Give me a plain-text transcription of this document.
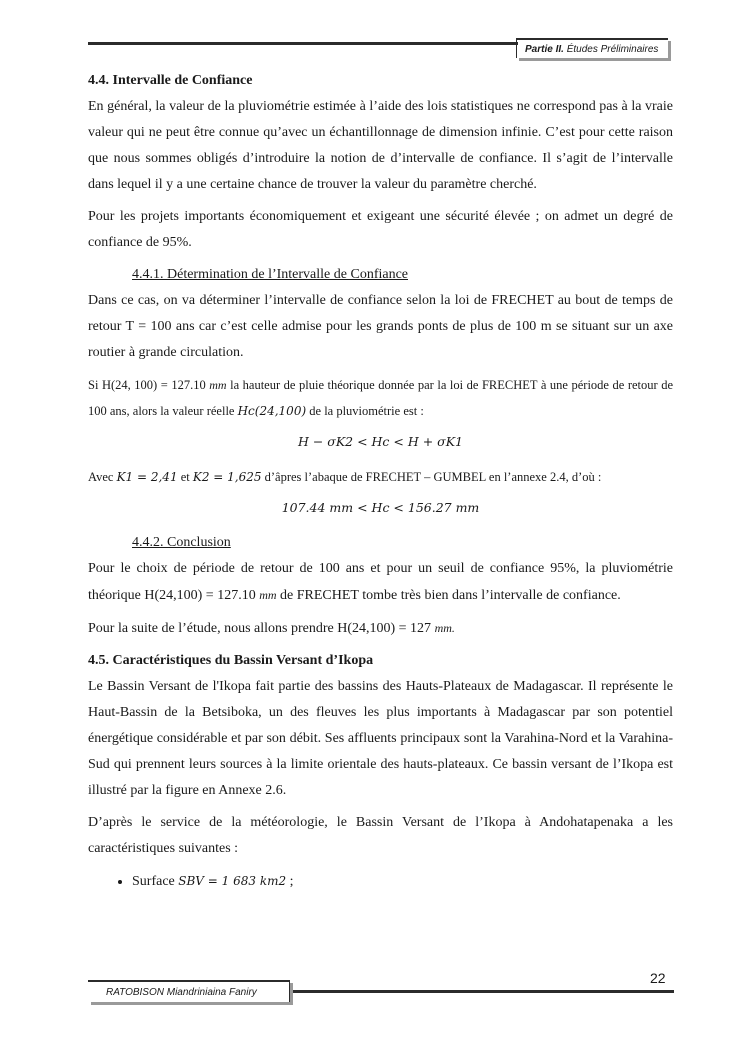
Partie II. Études Préliminaires
4.4. Intervalle de Confiance

En général, la valeur de la pluviométrie estimée à l’aide des lois statistiques ne correspond pas à la vraie valeur qui ne peut être connue qu’avec un échantillonnage de dimension infinie. C’est pour cette raison que nous sommes obligés d’introduire la notion de d’intervalle de confiance. Il s’agit de l’intervalle dans lequel il y a une certaine chance de trouver la valeur du paramètre cherché.

Pour les projets importants économiquement et exigeant une sécurité élevée ; on admet un degré de confiance de 95%.

4.4.1. Détermination de l’Intervalle de Confiance

Dans ce cas, on va déterminer l’intervalle de confiance selon la loi de FRECHET au bout de temps de retour T = 100 ans car c’est celle admise pour les grands ponts de plus de 100 m se situant sur un axe routier à grande circulation.

Si H(24, 100) = 127.10 mm la hauteur de pluie théorique donnée par la loi de FRECHET à une période de retour de 100 ans, alors la valeur réelle Hc(24,100) de la pluviométrie est :

H − σK2 < Hc < H + σK1

Avec K1 = 2,41 et K2 = 1,625 d’âpres l’abaque de FRECHET – GUMBEL en l’annexe 2.4, d’où :

107.44 mm < Hc < 156.27 mm
4.4.2. Conclusion

Pour le choix de période de retour de 100 ans et pour un seuil de confiance 95%, la pluviométrie théorique H(24,100) = 127.10 mm de FRECHET tombe très bien dans l’intervalle de confiance.

Pour la suite de l’étude, nous allons prendre H(24,100) = 127 mm.

4.5. Caractéristiques du Bassin Versant d’Ikopa

Le Bassin Versant de l'Ikopa fait partie des bassins des Hauts-Plateaux de Madagascar. Il représente le Haut-Bassin de la Betsiboka, un des fleuves les plus importants à Madagascar par son potentiel énergétique considérable et par son débit. Ses affluents principaux sont la Varahina-Nord et la Varahina-Sud qui prennent leurs sources à la limite orientale des hauts-plateaux. Ce bassin versant de l’Ikopa est illustré par la figure en Annexe 2.6.

D’après le service de la météorologie, le Bassin Versant de l’Ikopa à Andohatapenaka a les caractéristiques suivantes :

• Surface SBV = 1 683 km2 ;
22
RATOBISON Miandriniaina Faniry
